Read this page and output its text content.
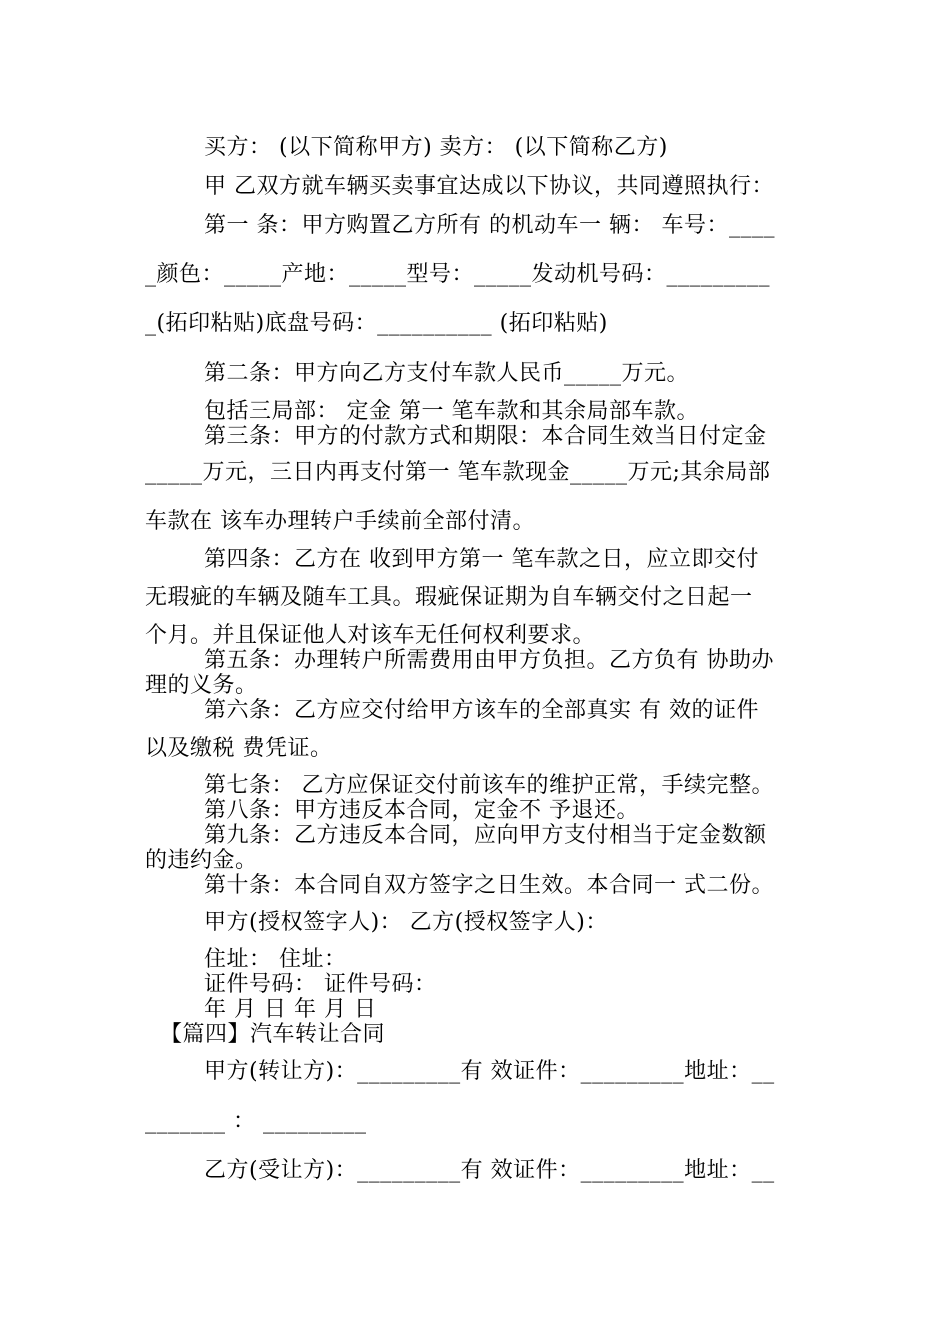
买方： (以下简称甲方) 卖方： (以下简称乙方)
甲 乙双方就车辆买卖事宜达成以下协议，共同遵照执行：
第一 条：甲方购置乙方所有 的机动车一 辆： 车号：____
_颜色：_____产地：_____型号：_____发动机号码：_________
_(拓印粘贴)底盘号码：__________ (拓印粘贴)
第二条：甲方向乙方支付车款人民币_____万元。
包括三局部： 定金 第一 笔车款和其余局部车款。
第三条：甲方的付款方式和期限：本合同生效当日付定金
_____万元，三日内再支付第一 笔车款现金_____万元;其余局部
车款在 该车办理转户手续前全部付清。
第四条：乙方在 收到甲方第一 笔车款之日，应立即交付
无瑕疵的车辆及随车工具。瑕疵保证期为自车辆交付之日起一
个月。并且保证他人对该车无任何权利要求。
第五条：办理转户所需费用由甲方负担。乙方负有 协助办
理的义务。
第六条：乙方应交付给甲方该车的全部真实 有 效的证件
以及缴税 费凭证。
第七条： 乙方应保证交付前该车的维护正常，手续完整。
第八条：甲方违反本合同，定金不 予退还。
第九条：乙方违反本合同，应向甲方支付相当于定金数额
的违约金。
第十条：本合同自双方签字之日生效。本合同一 式二份。
甲方(授权签字人)： 乙方(授权签字人)：
住址： 住址：
证件号码： 证件号码：
年 月 日 年 月 日
【篇四】汽车转让合同
甲方(转让方)：_________有 效证件：_________地址：__
_______ ： _________
乙方(受让方)：_________有 效证件：_________地址：__
